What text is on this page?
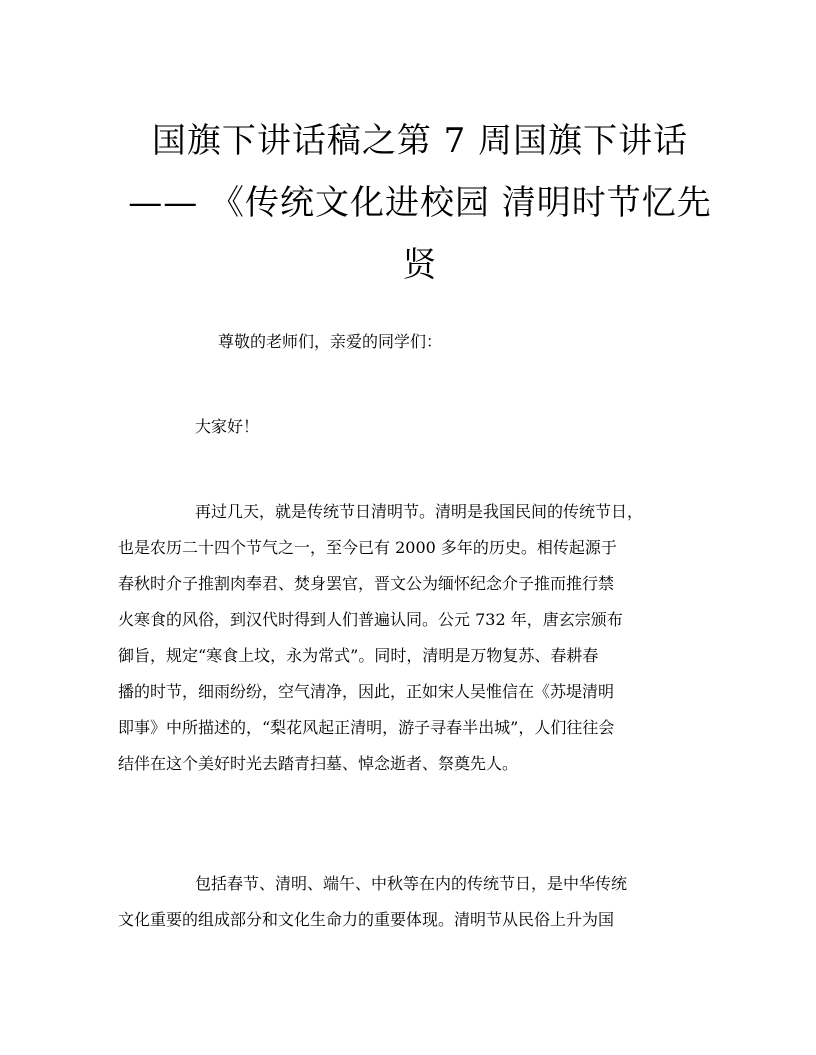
国旗下讲话稿之第 7 周国旗下讲话
—— 《传统文化进校园 清明时节忆先
贤
尊敬的老师们，亲爱的同学们：
大家好！
再过几天，就是传统节日清明节。清明是我国民间的传统节日，
也是农历二十四个节气之一，至今已有 2000 多年的历史。相传起源于
春秋时介子推割肉奉君、焚身罢官，晋文公为缅怀纪念介子推而推行禁
火寒食的风俗，到汉代时得到人们普遍认同。公元 732 年，唐玄宗颁布
御旨，规定“寒食上坟，永为常式”。同时，清明是万物复苏、春耕春
播的时节，细雨纷纷，空气清净，因此，正如宋人吴惟信在《苏堤清明
即事》中所描述的，“梨花风起正清明，游子寻春半出城”，人们往往会
结伴在这个美好时光去踏青扫墓、悼念逝者、祭奠先人。
包括春节、清明、端午、中秋等在内的传统节日，是中华传统
文化重要的组成部分和文化生命力的重要体现。清明节从民俗上升为国
